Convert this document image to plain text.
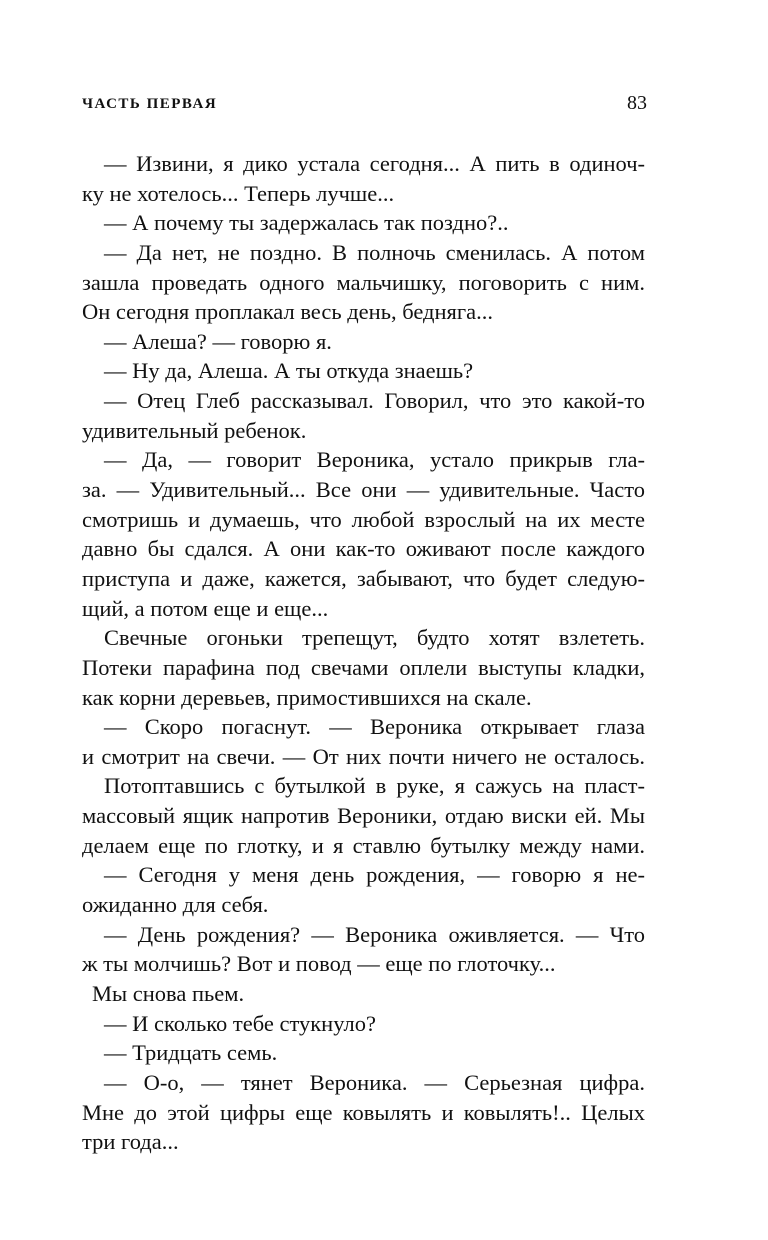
ЧАСТЬ ПЕРВАЯ	83
— Извини, я дико устала сегодня... А пить в одиноч-
ку не хотелось... Теперь лучше...
— А почему ты задержалась так поздно?..
— Да нет, не поздно. В полночь сменилась. А потом
зашла проведать одного мальчишку, поговорить с ним.
Он сегодня проплакал весь день, бедняга...
— Алеша? — говорю я.
— Ну да, Алеша. А ты откуда знаешь?
— Отец Глеб рассказывал. Говорил, что это какой-то
удивительный ребенок.
— Да, — говорит Вероника, устало прикрыв гла-
за. — Удивительный... Все они — удивительные. Часто
смотришь и думаешь, что любой взрослый на их месте
давно бы сдался. А они как-то оживают после каждого
приступа и даже, кажется, забывают, что будет следую-
щий, а потом еще и еще...
Свечные огоньки трепещут, будто хотят взлететь.
Потеки парафина под свечами оплели выступы кладки,
как корни деревьев, примостившихся на скале.
— Скоро погаснут. — Вероника открывает глаза
и смотрит на свечи. — От них почти ничего не осталось.
Потоптавшись с бутылкой в руке, я сажусь на пласт-
массовый ящик напротив Вероники, отдаю виски ей. Мы
делаем еще по глотку, и я ставлю бутылку между нами.
— Сегодня у меня день рождения, — говорю я не-
ожиданно для себя.
— День рождения? — Вероника оживляется. — Что
ж ты молчишь? Вот и повод — еще по глоточку...
Мы снова пьем.
— И сколько тебе стукнуло?
— Тридцать семь.
— О-о, — тянет Вероника. — Серьезная цифра.
Мне до этой цифры еще ковылять и ковылять!.. Целых
три года...
